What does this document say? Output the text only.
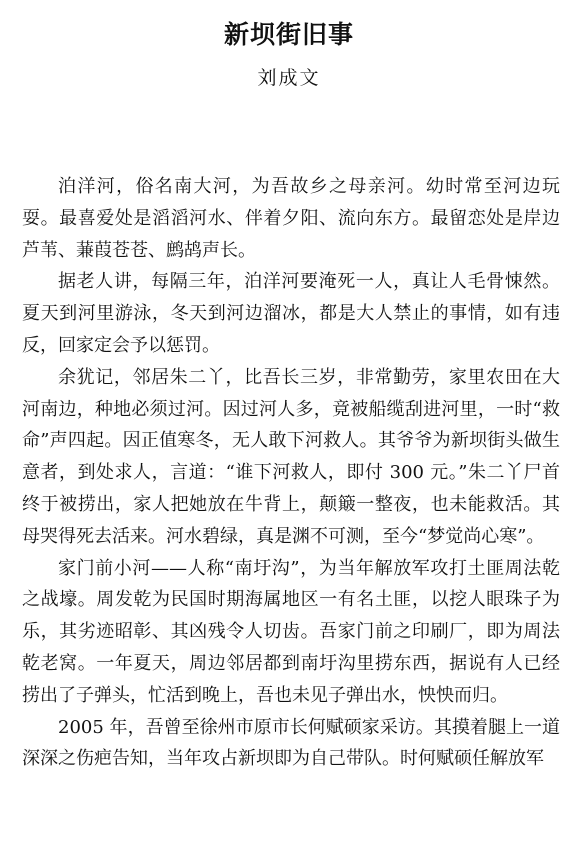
新坝街旧事
刘成文

泊洋河，俗名南大河，为吾故乡之母亲河。幼时常至河边玩耍。最喜爱处是滔滔河水、伴着夕阳、流向东方。最留恋处是岸边芦苇、蒹葭苍苍、鹧鸪声长。

据老人讲，每隔三年，泊洋河要淹死一人，真让人毛骨悚然。夏天到河里游泳，冬天到河边溜冰，都是大人禁止的事情，如有违反，回家定会予以惩罚。

余犹记，邻居朱二丫，比吾长三岁，非常勤劳，家里农田在大河南边，种地必须过河。因过河人多，竟被船缆刮进河里，一时“救命”声四起。因正值寒冬，无人敢下河救人。其爷爷为新坝街头做生意者，到处求人，言道：“谁下河救人，即付 300 元。”朱二丫尸首终于被捞出，家人把她放在牛背上，颠簸一整夜，也未能救活。其母哭得死去活来。河水碧绿，真是渊不可测，至今“梦觉尚心寒”。

家门前小河——人称“南圩沟”，为当年解放军攻打土匪周法乾之战壕。周发乾为民国时期海属地区一有名土匪，以挖人眼珠子为乐，其劣迹昭彰、其凶残令人切齿。吾家门前之印刷厂，即为周法乾老窝。一年夏天，周边邻居都到南圩沟里捞东西，据说有人已经捞出了子弹头，忙活到晚上，吾也未见子弹出水，怏怏而归。

2005 年，吾曾至徐州市原市长何赋硕家采访。其摸着腿上一道深深之伤疤告知，当年攻占新坝即为自己带队。时何赋硕任解放军
